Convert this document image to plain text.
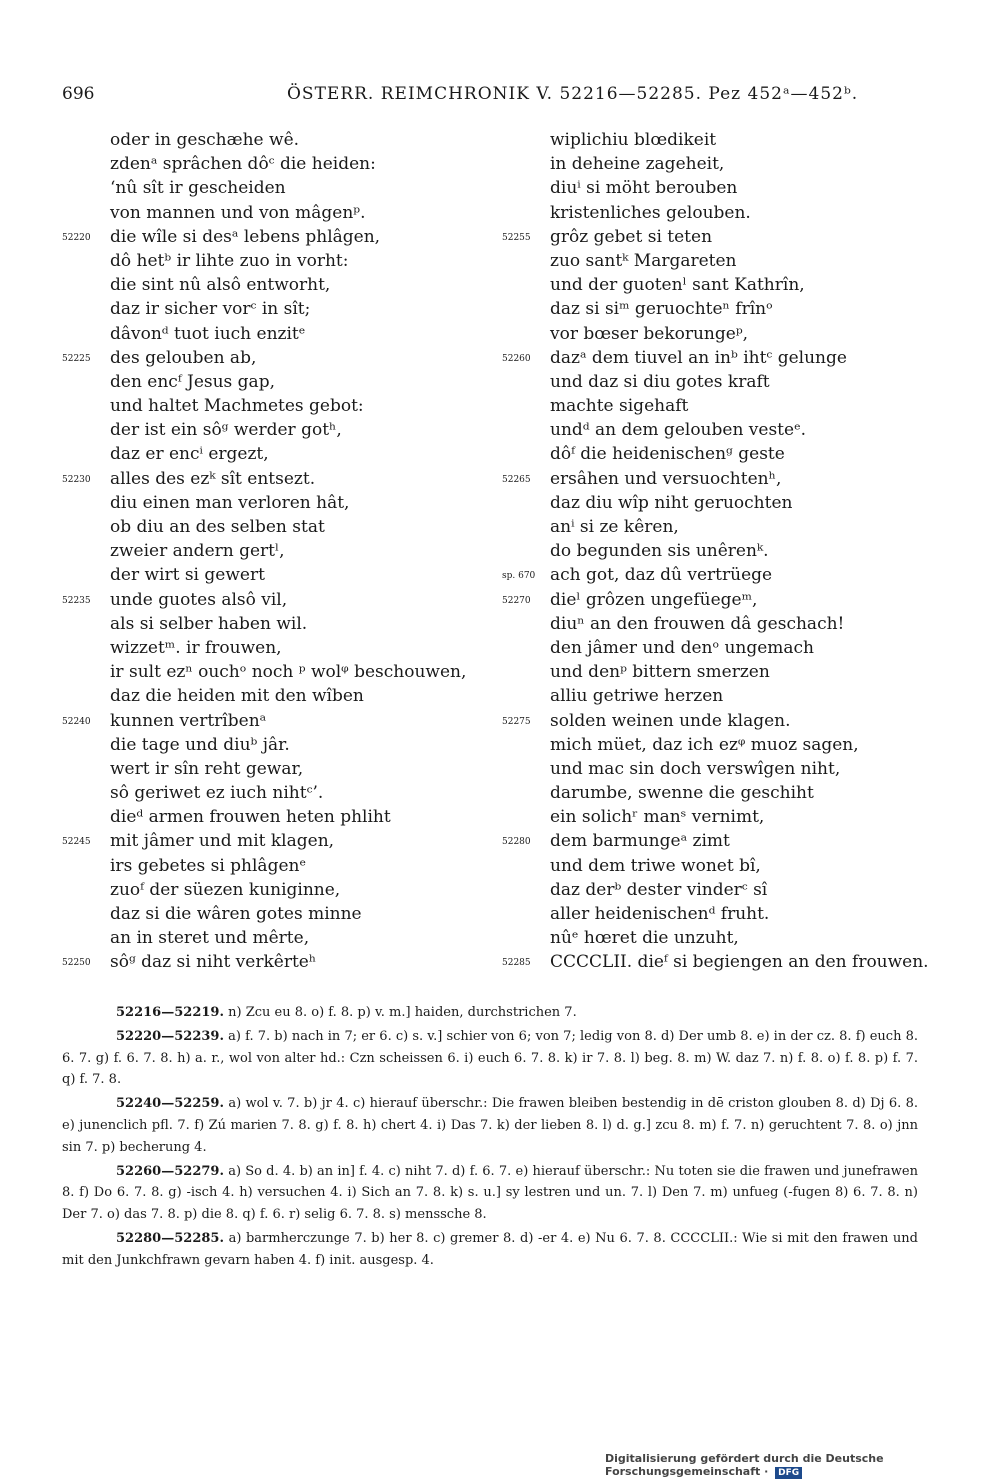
696	ÖSTERR. REIMCHRONIK V. 52216—52285. Pez 452ᵃ—452ᵇ.
oder in geschæhe wê.
zdenᵃ sprâchen dôᶜ die heiden:
‘nû sît ir gescheiden
von mannen und von mâgenᵖ.
52220 die wîle si desᵃ lebens phlâgen,
dô hetᵇ ir lihte zuo in vorht:
die sint nû alsô entworht,
daz ir sicher vorᶜ in sît;
dâvonᵈ tuot iuch enzitᵉ
52225 des gelouben ab,
den encᶠ Jesus gap,
und haltet Machmetes gebot:
der ist ein sôᵍ werder gotʰ,
daz er encⁱ ergezt,
52230 alles des ezᵏ sît entsezt.
diu einen man verloren hât,
ob diu an des selben stat
zweier andern gertˡ,
der wirt si gewert
52235 unde guotes alsô vil,
als si selber haben wil.
wizzetᵐ. ir frouwen,
ir sult ezⁿ ouchᵒ noch ᵖ wolᵠ beschouwen,
daz die heiden mit den wîben
52240 kunnen vertrîbenᵃ
die tage und diuᵇ jâr.
wert ir sîn reht gewar,
sô geriwet ez iuch nihtᶜ’.
dieᵈ armen frouwen heten phliht
52245 mit jâmer und mit klagen,
irs gebetes si phlâgenᵉ
zuoᶠ der süezen kuniginne,
daz si die wâren gotes minne
an in steret und mêrte,
52250 sôᵍ daz si niht verkêrteʰ
wiplichiu blœdikeit
in deheine zageheit,
diuⁱ si möht berouben
kristenliches gelouben.
52255 grôz gebet si teten
zuo santᵏ Margareten
und der guotenˡ sant Kathrîn,
daz si siᵐ geruochteⁿ frînᵒ
vor bœser bekorungeᵖ,
52260 dazᵃ dem tiuvel an inᵇ ihtᶜ gelunge
und daz si diu gotes kraft
machte sigehaft
undᵈ an dem gelouben vesteᵉ.
dôᶠ die heidenischenᵍ geste
52265 ersâhen und versuochtenʰ,
daz diu wîp niht geruochten
anⁱ si ze kêren,
do begunden sis unêrenᵏ.
sp. 670 ach got, daz dû vertrüege
52270 dieˡ grôzen ungefüegeᵐ,
diuⁿ an den frouwen dâ geschach!
den jâmer und denᵒ ungemach
und denᵖ bittern smerzen
alliu getriwe herzen
52275 solden weinen unde klagen.
mich müet, daz ich ezᵠ muoz sagen,
und mac sin doch verswîgen niht,
darumbe, swenne die geschiht
ein solichʳ manˢ vernimt,
52280 dem barmungeᵃ zimt
und dem triwe wonet bî,
daz derᵇ dester vinderᶜ sî
aller heidenischenᵈ fruht.
nûᵉ hœret die unzuht,
52285 CCCCLII. dieᶠ si begiengen an den frouwen.

52216—52219. n) Zcu eu 8. o) f. 8. p) v. m.] haiden, durchstrichen 7.

52220—52239. a) f. 7. b) nach in 7; er 6. c) s. v.] schier von 6; von 7; ledig von 8. d) Der umb 8. e) in der cz. 8. f) euch 8. 6. 7. g) f. 6. 7. 8. h) a. r., wol von alter hd.: Czn scheissen 6. i) euch 6. 7. 8. k) ir 7. 8. l) beg. 8. m) W. daz 7. n) f. 8. o) f. 8. p) f. 7. q) f. 7. 8.

52240—52259. a) wol v. 7. b) jr 4. c) hierauf überschr.: Die frawen bleiben bestendig in dē criston glouben 8. d) Dj 6. 8. e) junenclich pfl. 7. f) Zú marien 7. 8. g) f. 8. h) chert 4. i) Das 7. k) der lieben 8. l) d. g.] zcu 8. m) f. 7. n) geruchtent 7. 8. o) jnn sin 7. p) becherung 4.

52260—52279. a) So d. 4. b) an in] f. 4. c) niht 7. d) f. 6. 7. e) hierauf überschr.: Nu toten sie die frawen und junefrawen 8. f) Do 6. 7. 8. g) -isch 4. h) versuchen 4. i) Sich an 7. 8. k) s. u.] sy lestren und un. 7. l) Den 7. m) unfueg (-fugen 8) 6. 7. 8. n) Der 7. o) das 7. 8. p) die 8. q) f. 6. r) selig 6. 7. 8. s) menssche 8.

52280—52285. a) barmherczunge 7. b) her 8. c) gremer 8. d) -er 4. e) Nu 6. 7. 8. CCCCLII.: Wie si mit den frawen und mit den Junkchfrawn gevarn haben 4. f) init. ausgesp. 4.

Digitalisierung gefördert durch die Deutsche Forschungsgemeinschaft · DFG
